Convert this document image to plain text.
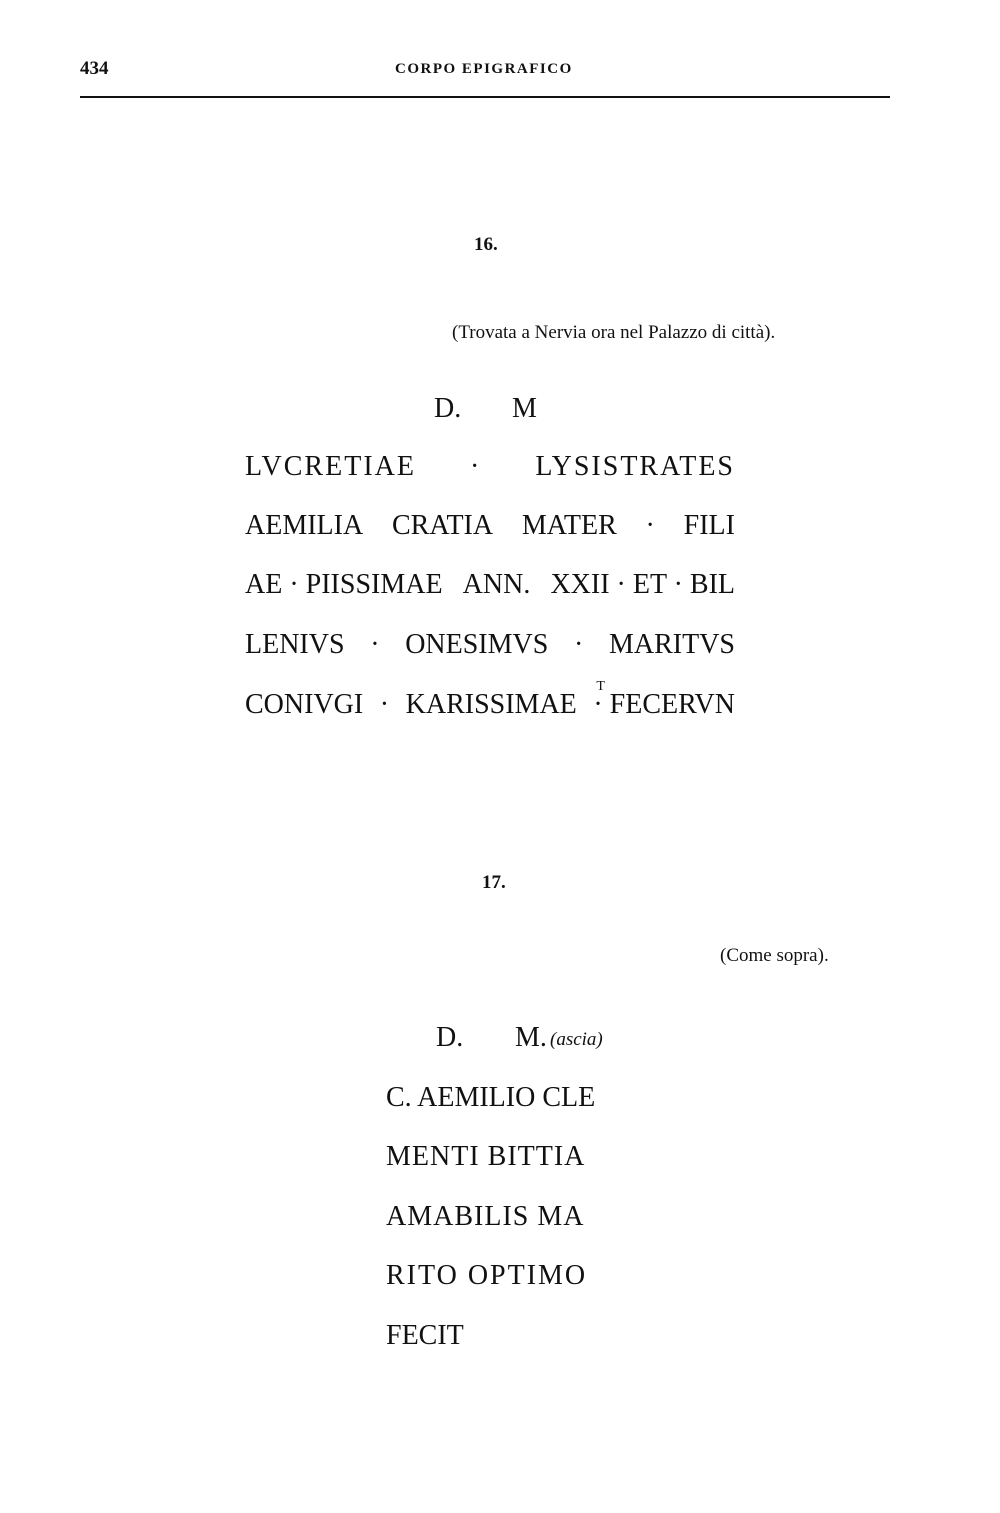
434	CORPO EPIGRAFICO
16.
(Trovata a Nervia ora nel Palazzo di città).
D. M
LVCRETIAE · LYSISTRATES
AEMILIA CRATIA MATER · FILI
AE · PIISSIMAE ANN. XXII · ET · BIL
LENIVS · ONESIMVS · MARITVS
CONIVGI · KARISSIMAE
T · FECERVN
17.
(Come sopra).
D. M. (ascia)
C. AEMILIO CLE
MENTI BITTIA
AMABILIS MA
RITO OPTIMO
FECIT
